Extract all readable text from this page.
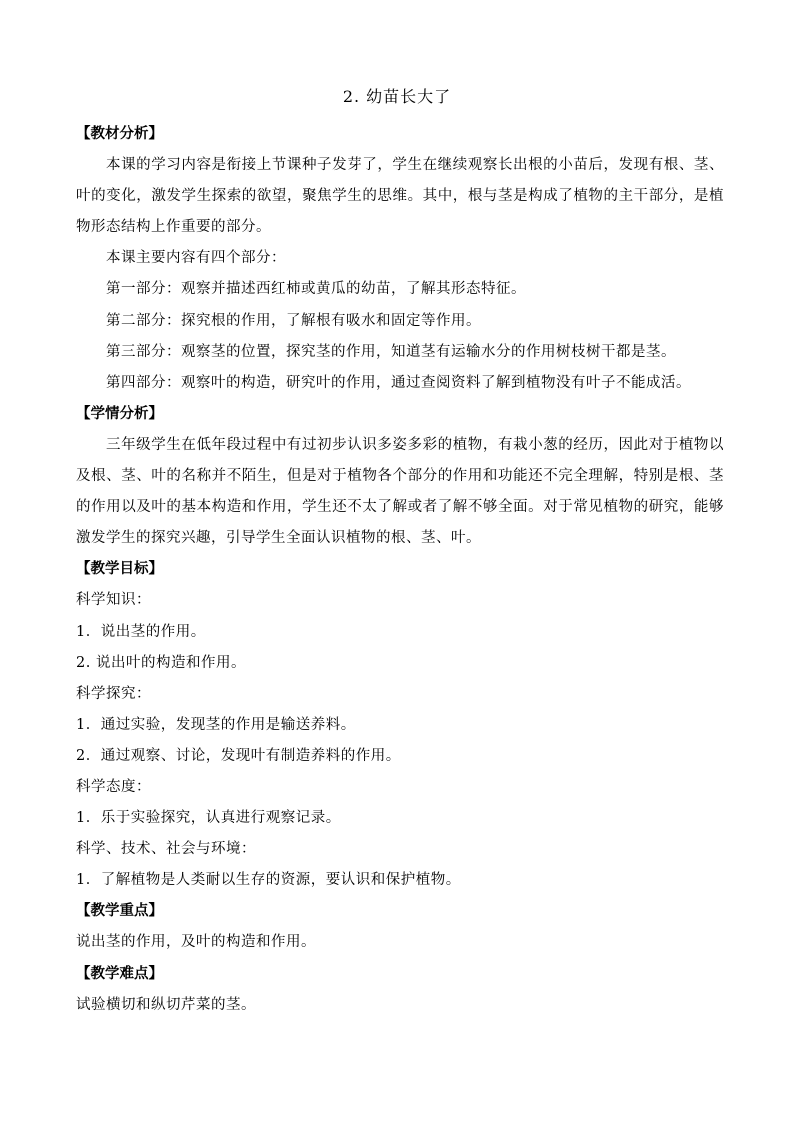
2. 幼苗长大了

【教材分析】

本课的学习内容是衔接上节课种子发芽了，学生在继续观察长出根的小苗后，发现有根、茎、叶的变化，激发学生探索的欲望，聚焦学生的思维。其中，根与茎是构成了植物的主干部分，是植物形态结构上作重要的部分。

本课主要内容有四个部分：

第一部分：观察并描述西红柿或黄瓜的幼苗，了解其形态特征。

第二部分：探究根的作用，了解根有吸水和固定等作用。

第三部分：观察茎的位置，探究茎的作用，知道茎有运输水分的作用树枝树干都是茎。

第四部分：观察叶的构造，研究叶的作用，通过查阅资料了解到植物没有叶子不能成活。

【学情分析】

三年级学生在低年段过程中有过初步认识多姿多彩的植物，有栽小葱的经历，因此对于植物以及根、茎、叶的名称并不陌生，但是对于植物各个部分的作用和功能还不完全理解，特别是根、茎的作用以及叶的基本构造和作用，学生还不太了解或者了解不够全面。对于常见植物的研究，能够激发学生的探究兴趣，引导学生全面认识植物的根、茎、叶。

【教学目标】

科学知识：

1．说出茎的作用。

2. 说出叶的构造和作用。

科学探究：

1．通过实验，发现茎的作用是输送养料。

2．通过观察、讨论，发现叶有制造养料的作用。

科学态度：

1．乐于实验探究，认真进行观察记录。

科学、技术、社会与环境：

1．了解植物是人类耐以生存的资源，要认识和保护植物。

【教学重点】

说出茎的作用，及叶的构造和作用。

【教学难点】

试验横切和纵切芹菜的茎。
